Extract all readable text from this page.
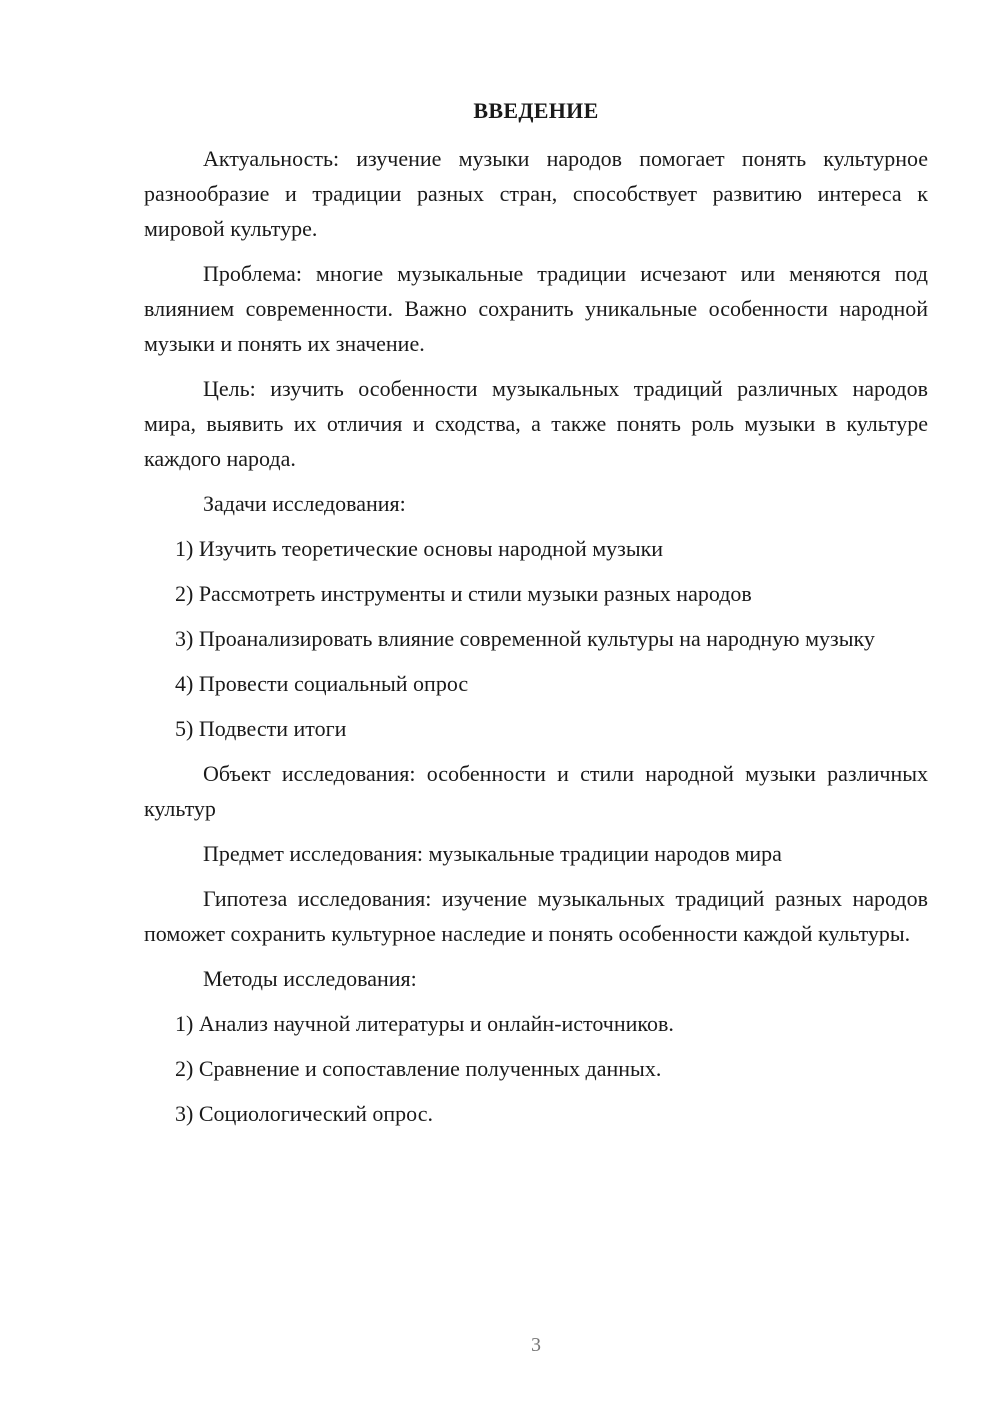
ВВЕДЕНИЕ

Актуальность: изучение музыки народов помогает понять культурное разнообразие и традиции разных стран, способствует развитию интереса к мировой культуре.

Проблема: многие музыкальные традиции исчезают или меняются под влиянием современности. Важно сохранить уникальные особенности народной музыки и понять их значение.

Цель: изучить особенности музыкальных традиций различных народов мира, выявить их отличия и сходства, а также понять роль музыки в культуре каждого народа.

Задачи исследования:

1) Изучить теоретические основы народной музыки

2) Рассмотреть инструменты и стили музыки разных народов

3) Проанализировать влияние современной культуры на народную музыку

4) Провести социальный опрос

5) Подвести итоги

Объект исследования: особенности и стили народной музыки различных культур

Предмет исследования: музыкальные традиции народов мира

Гипотеза исследования: изучение музыкальных традиций разных народов поможет сохранить культурное наследие и понять особенности каждой культуры.

Методы исследования:

1) Анализ научной литературы и онлайн-источников.

2) Сравнение и сопоставление полученных данных.

3) Социологический опрос.

3
